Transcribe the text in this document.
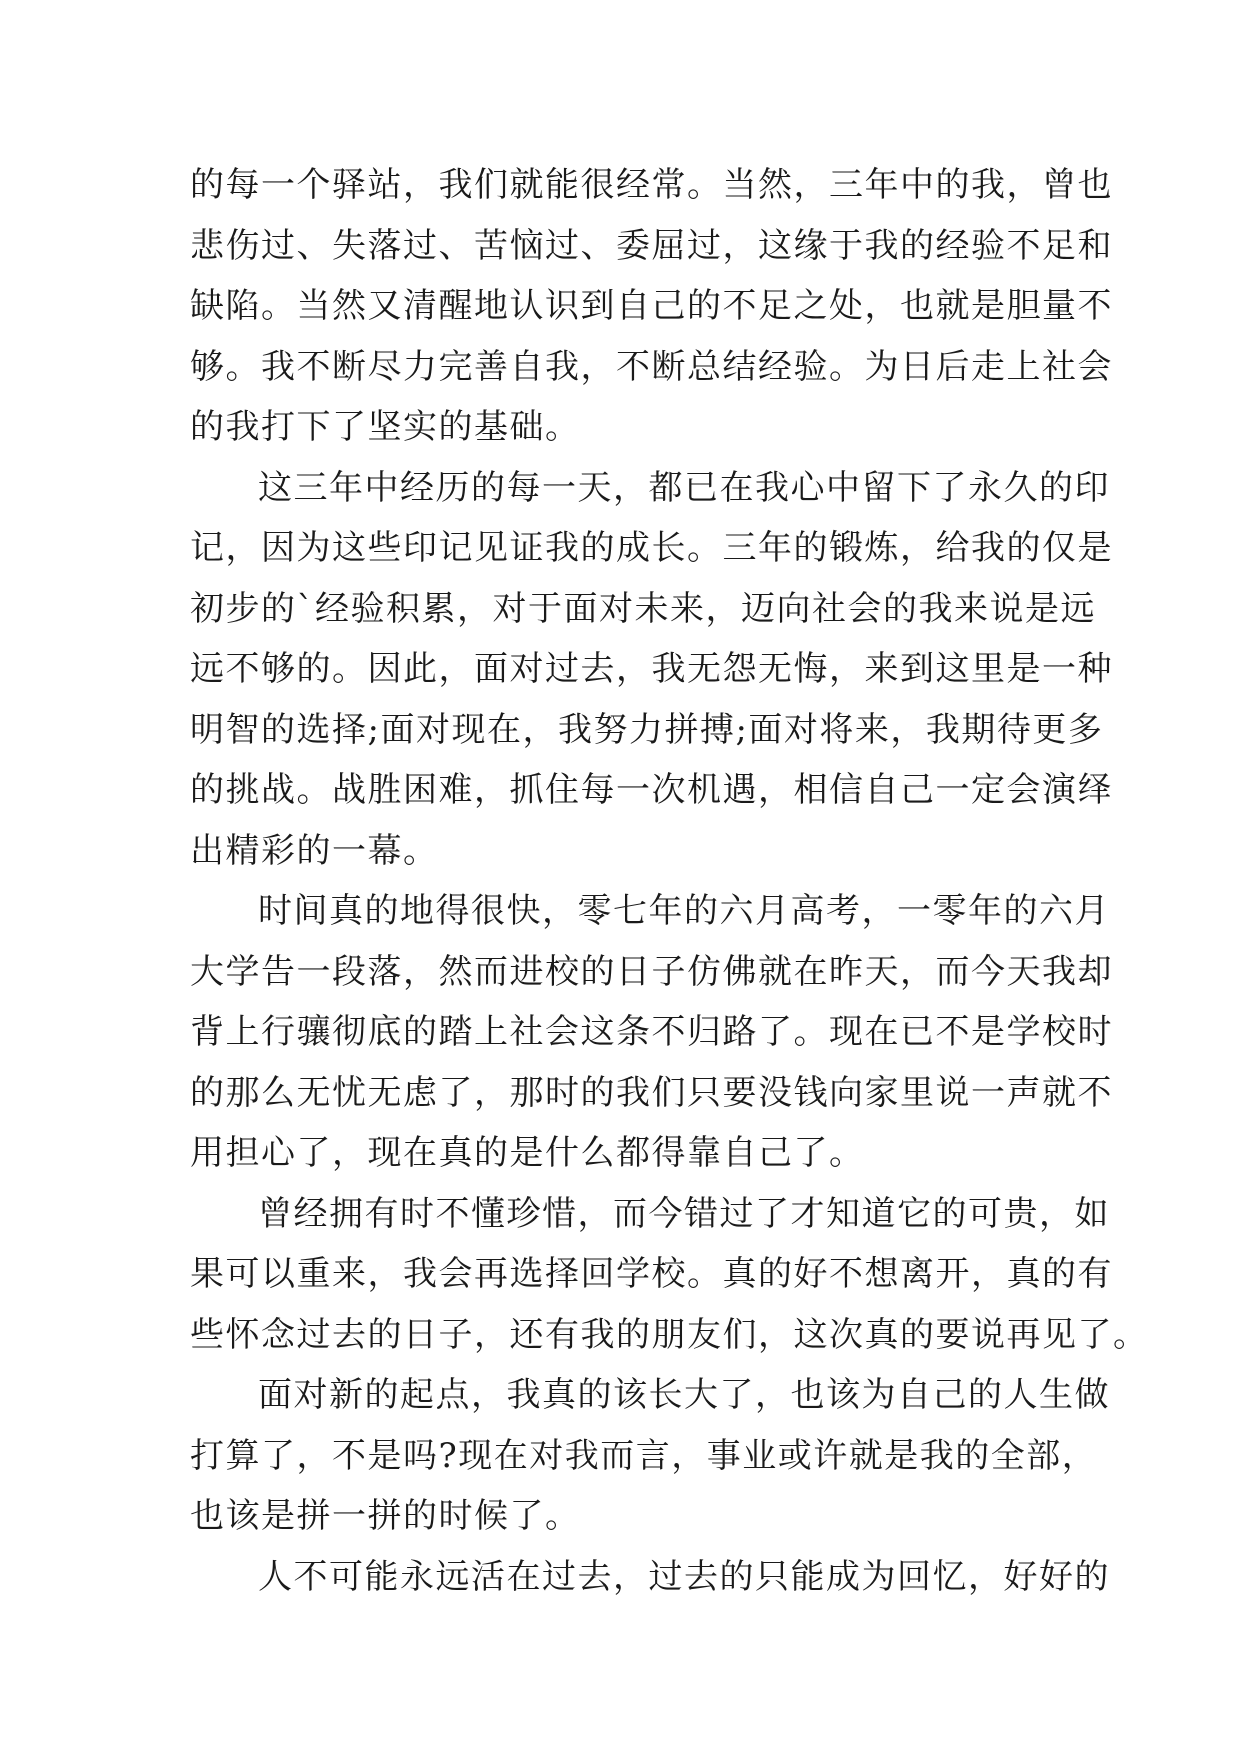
的每一个驿站，我们就能很经常。当然，三年中的我，曾也
悲伤过、失落过、苦恼过、委屈过，这缘于我的经验不足和
缺陷。当然又清醒地认识到自己的不足之处，也就是胆量不
够。我不断尽力完善自我，不断总结经验。为日后走上社会
的我打下了坚实的基础。
这三年中经历的每一天，都已在我心中留下了永久的印
记，因为这些印记见证我的成长。三年的锻炼，给我的仅是
初步的`经验积累，对于面对未来，迈向社会的我来说是远
远不够的。因此，面对过去，我无怨无悔，来到这里是一种
明智的选择;面对现在，我努力拼搏;面对将来，我期待更多
的挑战。战胜困难，抓住每一次机遇，相信自己一定会演绎
出精彩的一幕。
时间真的地得很快，零七年的六月高考，一零年的六月
大学告一段落，然而进校的日子仿佛就在昨天，而今天我却
背上行骧彻底的踏上社会这条不归路了。现在已不是学校时
的那么无忧无虑了，那时的我们只要没钱向家里说一声就不
用担心了，现在真的是什么都得靠自己了。
曾经拥有时不懂珍惜，而今错过了才知道它的可贵，如
果可以重来，我会再选择回学校。真的好不想离开，真的有
些怀念过去的日子，还有我的朋友们，这次真的要说再见了。
面对新的起点，我真的该长大了，也该为自己的人生做
打算了，不是吗?现在对我而言，事业或许就是我的全部，
也该是拼一拼的时候了。
人不可能永远活在过去，过去的只能成为回忆，好好的
